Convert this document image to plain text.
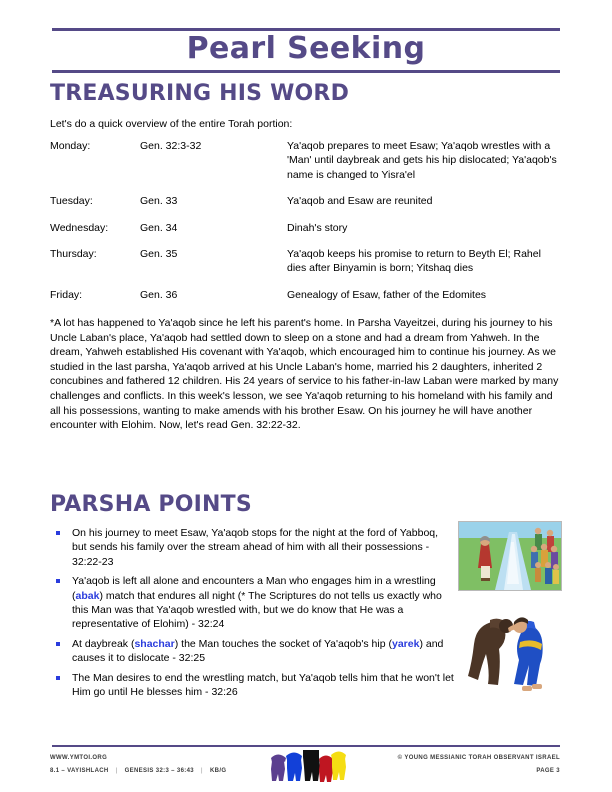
Pearl Seeking
TREASURING HIS WORD
Let's do a quick overview of the entire Torah portion:
Monday:	Gen. 32:3-32	Ya'aqob prepares to meet Esaw; Ya'aqob wrestles with a 'Man' until daybreak and gets his hip dislocated; Ya'aqob's name is changed to Yisra'el
Tuesday:	Gen. 33	Ya'aqob and Esaw are reunited
Wednesday:	Gen. 34	Dinah's story
Thursday:	Gen. 35	Ya'aqob keeps his promise to return to Beyth El; Rahel dies after Binyamin is born; Yitshaq dies
Friday:	Gen. 36	Genealogy of Esaw, father of the Edomites
*A lot has happened to Ya'aqob since he left his parent's home. In Parsha Vayeitzei, during his journey to his Uncle Laban's place, Ya'aqob had settled down to sleep on a stone and had a dream from Yahweh. In the dream, Yahweh established His covenant with Ya'aqob, which encouraged him to continue his journey. As we studied in the last parsha, Ya'aqob arrived at his Uncle Laban's home, married his 2 daughters, inherited 2 concubines and fathered 12 children. His 24 years of service to his father-in-law Laban were marked by many challenges and conflicts. In this week's lesson, we see Ya'aqob returning to his homeland with his family and all his possessions, wanting to make amends with his brother Esaw. On his journey he will have another encounter with Elohim. Now, let's read Gen. 32:22-32.
PARSHA POINTS
On his journey to meet Esaw, Ya'aqob stops for the night at the ford of Yabboq, but sends his family over the stream ahead of him with all their possessions - 32:22-23
Ya'aqob is left all alone and encounters a Man who engages him in a wrestling (abak) match that endures all night (* The Scriptures do not tells us exactly who this Man was that Ya'aqob wrestled with, but we do know that He was a representative of Elohim) - 32:24
At daybreak (shachar) the Man touches the socket of Ya'aqob's hip (yarek) and causes it to dislocate - 32:25
The Man desires to end the wrestling match, but Ya'aqob tells him that he won't let Him go until He blesses him - 32:26
WWW.YMTOI.ORG
8.1 – VAYISHLACH | GENESIS 32:3 – 36:43 | KB/G
© YOUNG MESSIANIC TORAH OBSERVANT ISRAEL
PAGE 3
